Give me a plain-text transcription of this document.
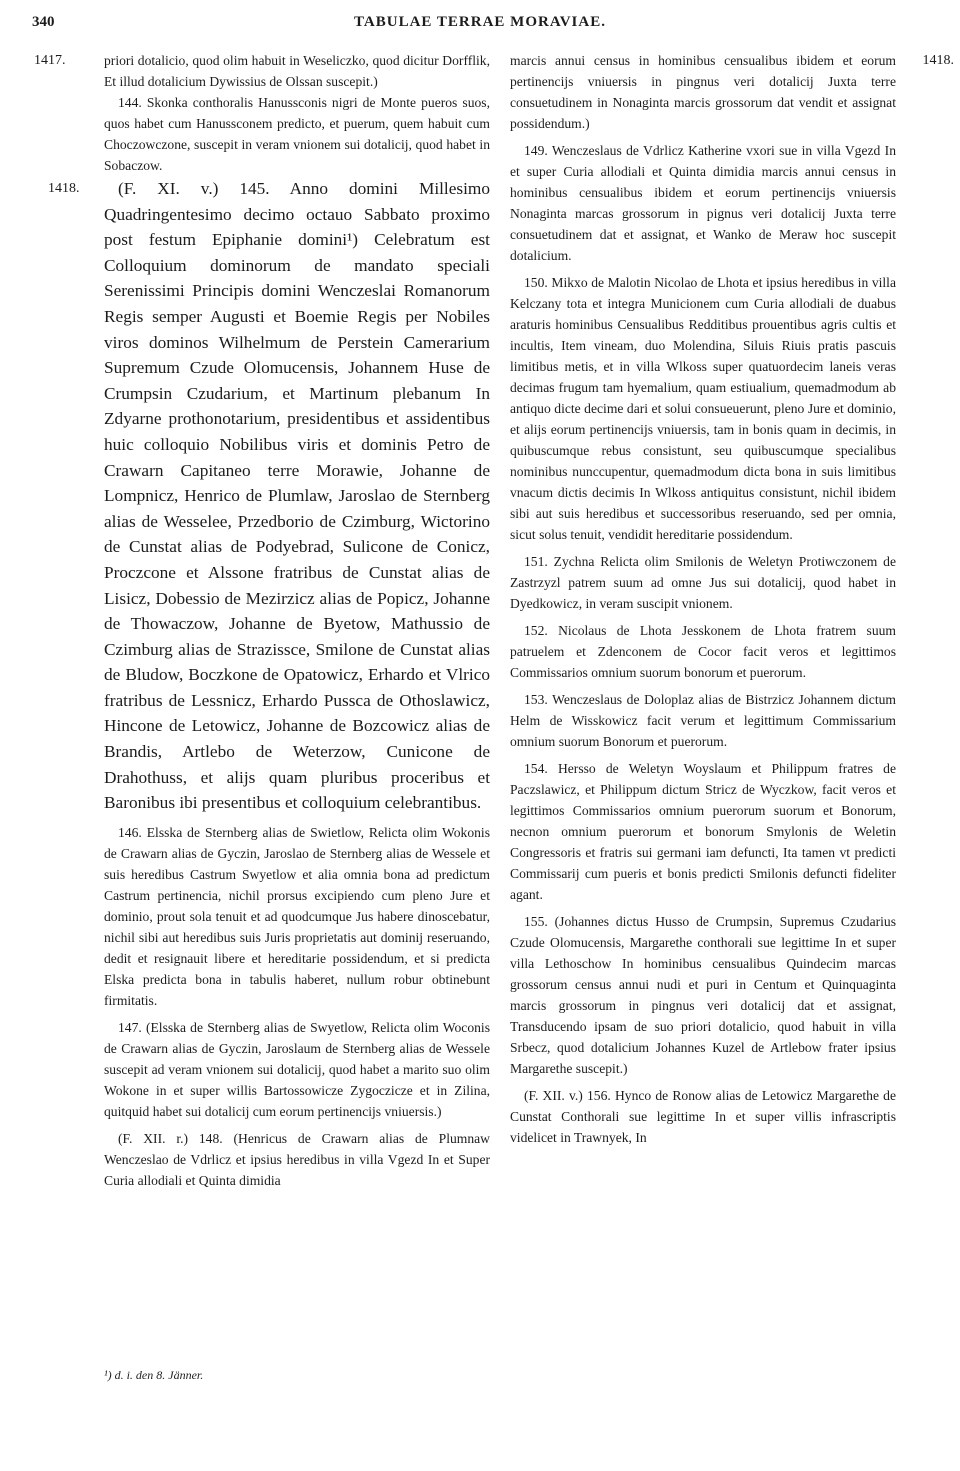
340	TABULAE TERRAE MORAVIAE.

1417.	priori dotalicio, quod olim habuit in Weseliczko, quod dicitur Dorfflik, Et illud dotalicium Dywissius de Olssan suscepit.)

144. Skonka conthoralis Hanussconis nigri de Monte pueros suos, quos habet cum Hanussconem predicto, et puerum, quem habuit cum Choczowczone, suscepit in veram vnionem sui dotalicij, quod habet in Sobaczow.

1418. (F. XI. v.) 145. Anno domini Millesimo Quadringentesimo decimo octauo Sabbato proximo post festum Epiphanie domini¹) Celebratum est Colloquium dominorum de mandato speciali Serenissimi Principis domini Wenczeslai Romanorum Regis semper Augusti et Boemie Regis per Nobiles viros dominos Wilhelmum de Perstein Camerarium Supremum Czude Olomucensis, Johannem Huse de Crumpsin Czudarium, et Martinum plebanum In Zdyarne prothonotarium, presidentibus et assidentibus huic colloquio Nobilibus viris et dominis Petro de Crawarn Capitaneo terre Morawie, Johanne de Lompnicz, Henrico de Plumlaw, Jaroslao de Sternberg alias de Wesselee, Przedborio de Czimburg, Wictorino de Cunstat alias de Podyebrad, Sulicone de Conicz, Proczcone et Alssone fratribus de Cunstat alias de Lisicz, Dobessio de Mezirzicz alias de Popicz, Johanne de Thowaczow, Johanne de Byetow, Mathussio de Czimburg alias de Strazissce, Smilone de Cunstat alias de Bludow, Boczkone de Opatowicz, Erhardo et Vlrico fratribus de Lessnicz, Erhardo Pussca de Othoslawicz, Hincone de Letowicz, Johanne de Bozcowicz alias de Brandis, Artlebo de Weterzow, Cunicone de Drahothuss, et alijs quam pluribus proceribus et Baronibus ibi presentibus et colloquium celebrantibus.

146. Elsska de Sternberg alias de Swietlow, Relicta olim Wokonis de Crawarn alias de Gyczin, Jaroslao de Sternberg alias de Wessele et suis heredibus Castrum Swyetlow et alia omnia bona ad predictum Castrum pertinencia, nichil prorsus excipiendo cum pleno Jure et dominio, prout sola tenuit et ad quodcumque Jus habere dinoscebatur, nichil sibi aut heredibus suis Juris proprietatis aut dominij reseruando, dedit et resignauit libere et hereditarie possidendum, et si predicta Elska predicta bona in tabulis haberet, nullum robur obtinebunt firmitatis.

147. (Elsska de Sternberg alias de Swyetlow, Relicta olim Woconis de Crawarn alias de Gyczin, Jaroslaum de Sternberg alias de Wessele suscepit ad veram vnionem sui dotalicij, quod habet a marito suo olim Wokone in et super willis Bartossowicze Zygoczicze et in Zilina, quitquid habet sui dotalicij cum eorum pertinencijs vniuersis.)

(F. XII. r.) 148. (Henricus de Crawarn alias de Plumnaw Wenczeslao de Vdrlicz et ipsius heredibus in villa Vgezd In et Super Curia allodiali et Quinta dimidia

1418.
marcis annui census in hominibus censualibus ibidem et eorum pertinencijs vniuersis in pingnus veri dotalicij Juxta terre consuetudinem in Nonaginta marcis grossorum dat vendit et assignat possidendum.)

149. Wenczeslaus de Vdrlicz Katherine vxori sue in villa Vgezd In et super Curia allodiali et Quinta dimidia marcis annui census in hominibus censualibus ibidem et eorum pertinencijs vniuersis Nonaginta marcas grossorum in pignus veri dotalicij Juxta terre consuetudinem dat et assignat, et Wanko de Meraw hoc suscepit dotalicium.

150. Mikxo de Malotin Nicolao de Lhota et ipsius heredibus in villa Kelczany tota et integra Municionem cum Curia allodiali de duabus araturis hominibus Censualibus Redditibus prouentibus agris cultis et incultis, Item vineam, duo Molendina, Siluis Riuis pratis pascuis limitibus metis, et in villa Wlkoss super quatuordecim laneis veras decimas frugum tam hyemalium, quam estiualium, quemadmodum ab antiquo dicte decime dari et solui consueuerunt, pleno Jure et dominio, et alijs eorum pertinencijs vniuersis, tam in bonis quam in decimis, in quibuscumque rebus consistunt, seu quibuscumque specialibus nominibus nunccupentur, quemadmodum dicta bona in suis limitibus vnacum dictis decimis In Wlkoss antiquitus consistunt, nichil ibidem sibi aut suis heredibus et successoribus reseruando, sed per omnia, sicut solus tenuit, vendidit hereditarie possidendum.

151. Zychna Relicta olim Smilonis de Weletyn Protiwczonem de Zastrzyzl patrem suum ad omne Jus sui dotalicij, quod habet in Dyedkowicz, in veram suscipit vnionem.

152. Nicolaus de Lhota Jesskonem de Lhota fratrem suum patruelem et Zdenconem de Cocor facit veros et legittimos Commissarios omnium suorum bonorum et puerorum.

153. Wenczeslaus de Doloplaz alias de Bistrzicz Johannem dictum Helm de Wisskowicz facit verum et legittimum Commissarium omnium suorum Bonorum et puerorum.

154. Hersso de Weletyn Woyslaum et Philippum fratres de Paczslawicz, et Philippum dictum Stricz de Wyczkow, facit veros et legittimos Commissarios omnium puerorum suorum et Bonorum, necnon omnium puerorum et bonorum Smylonis de Weletin Congressoris et fratris sui germani iam defuncti, Ita tamen vt predicti Commissarij cum pueris et bonis predicti Smilonis defuncti fideliter agant.

155. (Johannes dictus Husso de Crumpsin, Supremus Czudarius Czude Olomucensis, Margarethe conthorali sue legittime In et super villa Lethoschow In hominibus censualibus Quindecim marcas grossorum census annui nudi et puri in Centum et Quinquaginta marcis grossorum in pingnus veri dotalicij dat et assignat, Transducendo ipsam de suo priori dotalicio, quod habuit in villa Srbecz, quod dotalicium Johannes Kuzel de Artlebow frater ipsius Margarethe suscepit.)

(F. XII. v.) 156. Hynco de Ronow alias de Letowicz Margarethe de Cunstat Conthorali sue legittime In et super villis infrascriptis videlicet in Trawnyek, In

¹) d. i. den 8. Jänner.
